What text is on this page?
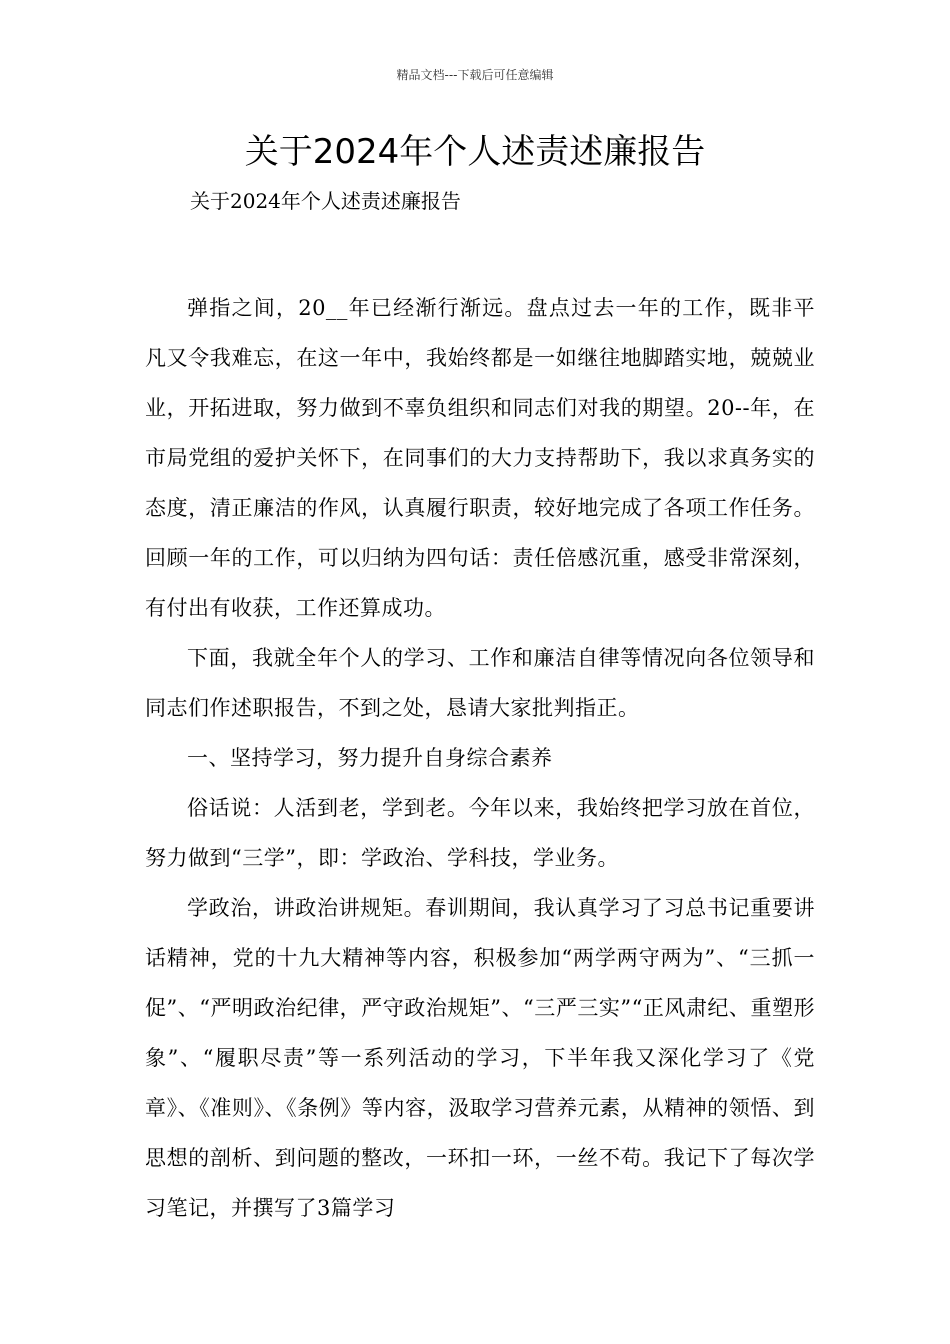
精品文档---下载后可任意编辑
关于2024年个人述责述廉报告
关于2024年个人述责述廉报告

弹指之间，20__年已经渐行渐远。盘点过去一年的工作，既非平凡又令我难忘，在这一年中，我始终都是一如继往地脚踏实地，兢兢业业，开拓进取，努力做到不辜负组织和同志们对我的期望。20--年，在市局党组的爱护关怀下，在同事们的大力支持帮助下，我以求真务实的态度，清正廉洁的作风，认真履行职责，较好地完成了各项工作任务。回顾一年的工作，可以归纳为四句话：责任倍感沉重，感受非常深刻，有付出有收获，工作还算成功。

下面，我就全年个人的学习、工作和廉洁自律等情况向各位领导和同志们作述职报告，不到之处，恳请大家批判指正。

一、坚持学习，努力提升自身综合素养

俗话说：人活到老，学到老。今年以来，我始终把学习放在首位，努力做到“三学”，即：学政治、学科技，学业务。

学政治，讲政治讲规矩。春训期间，我认真学习了习总书记重要讲话精神，党的十九大精神等内容，积极参加“两学两守两为”、“三抓一促”、“严明政治纪律，严守政治规矩”、“三严三实”“正风肃纪、重塑形象”、“履职尽责”等一系列活动的学习，下半年我又深化学习了《党章》、《准则》、《条例》等内容，汲取学习营养元素，从精神的领悟、到思想的剖析、到问题的整改，一环扣一环，一丝不苟。我记下了每次学习笔记，并撰写了3篇学习
